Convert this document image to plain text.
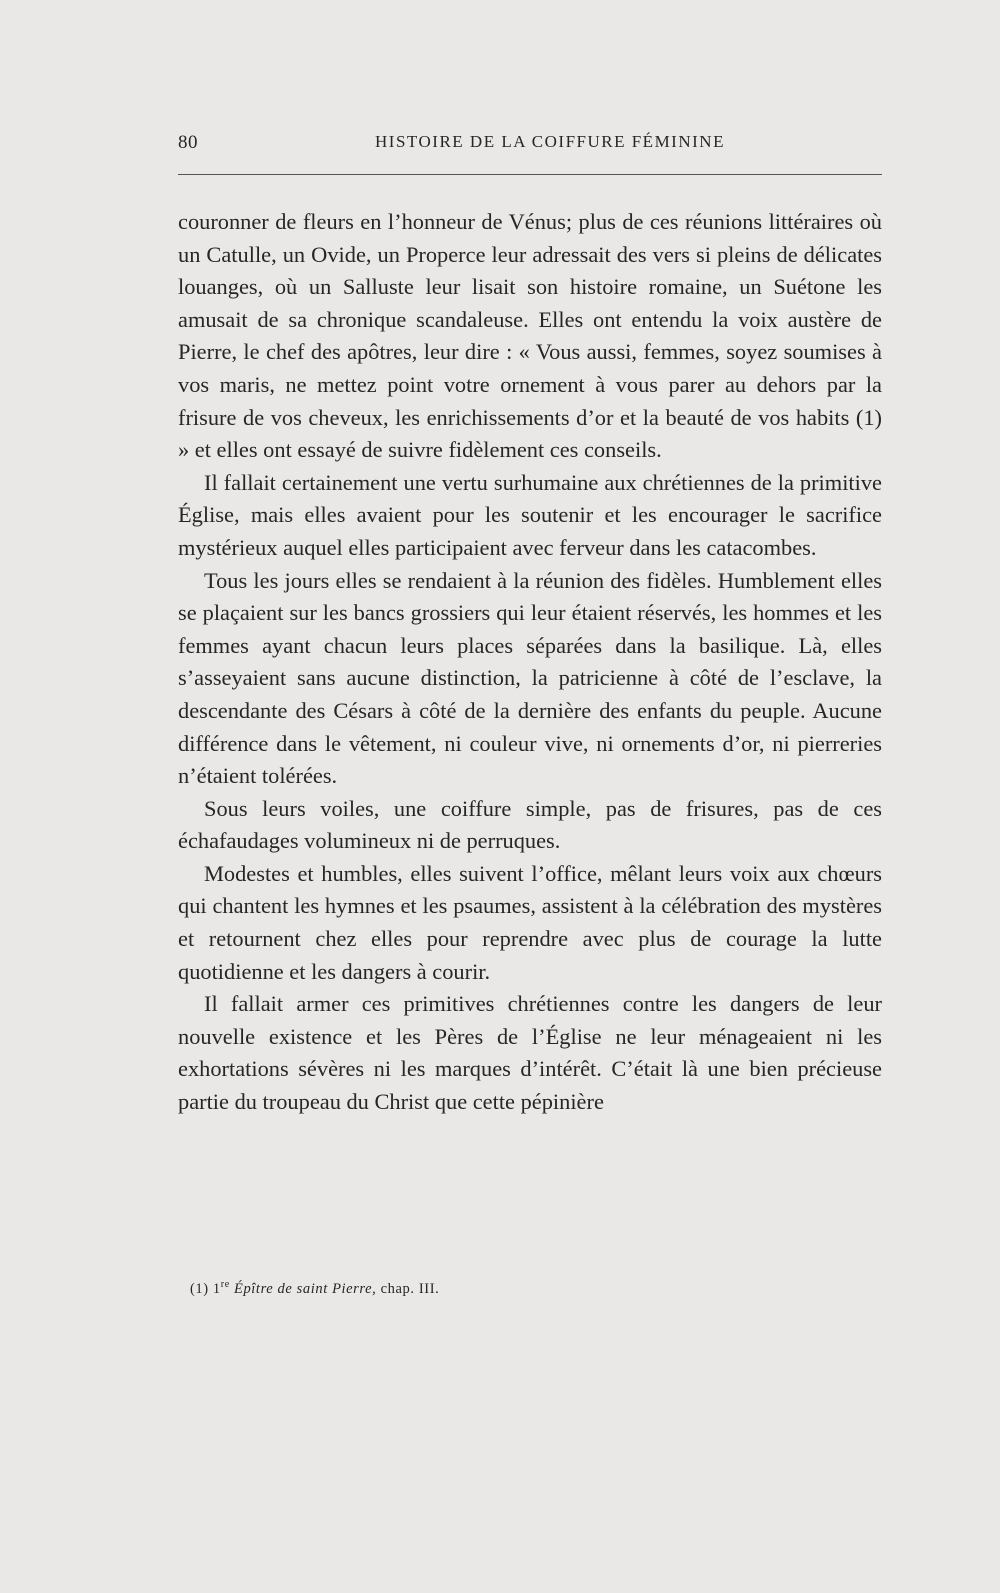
80	HISTOIRE DE LA COIFFURE FÉMININE

couronner de fleurs en l’honneur de Vénus; plus de ces réunions littéraires où un Catulle, un Ovide, un Properce leur adressait des vers si pleins de délicates louanges, où un Salluste leur lisait son histoire romaine, un Suétone les amusait de sa chronique scandaleuse. Elles ont entendu la voix austère de Pierre, le chef des apôtres, leur dire : « Vous aussi, femmes, soyez soumises à vos maris, ne mettez point votre ornement à vous parer au dehors par la frisure de vos cheveux, les enrichissements d’or et la beauté de vos habits (1) » et elles ont essayé de suivre fidèlement ces conseils.

Il fallait certainement une vertu surhumaine aux chrétiennes de la primitive Église, mais elles avaient pour les soutenir et les encourager le sacrifice mystérieux auquel elles participaient avec ferveur dans les catacombes.

Tous les jours elles se rendaient à la réunion des fidèles. Humblement elles se plaçaient sur les bancs grossiers qui leur étaient réservés, les hommes et les femmes ayant chacun leurs places séparées dans la basilique. Là, elles s’asseyaient sans aucune distinction, la patricienne à côté de l’esclave, la descendante des Césars à côté de la dernière des enfants du peuple. Aucune différence dans le vêtement, ni couleur vive, ni ornements d’or, ni pierreries n’étaient tolérées.

Sous leurs voiles, une coiffure simple, pas de frisures, pas de ces échafaudages volumineux ni de perruques.

Modestes et humbles, elles suivent l’office, mêlant leurs voix aux chœurs qui chantent les hymnes et les psaumes, assistent à la célébration des mystères et retournent chez elles pour reprendre avec plus de courage la lutte quotidienne et les dangers à courir.

Il fallait armer ces primitives chrétiennes contre les dangers de leur nouvelle existence et les Pères de l’Église ne leur ménageaient ni les exhortations sévères ni les marques d’intérêt. C’était là une bien précieuse partie du troupeau du Christ que cette pépinière

(1) 1re Épître de saint Pierre, chap. III.
